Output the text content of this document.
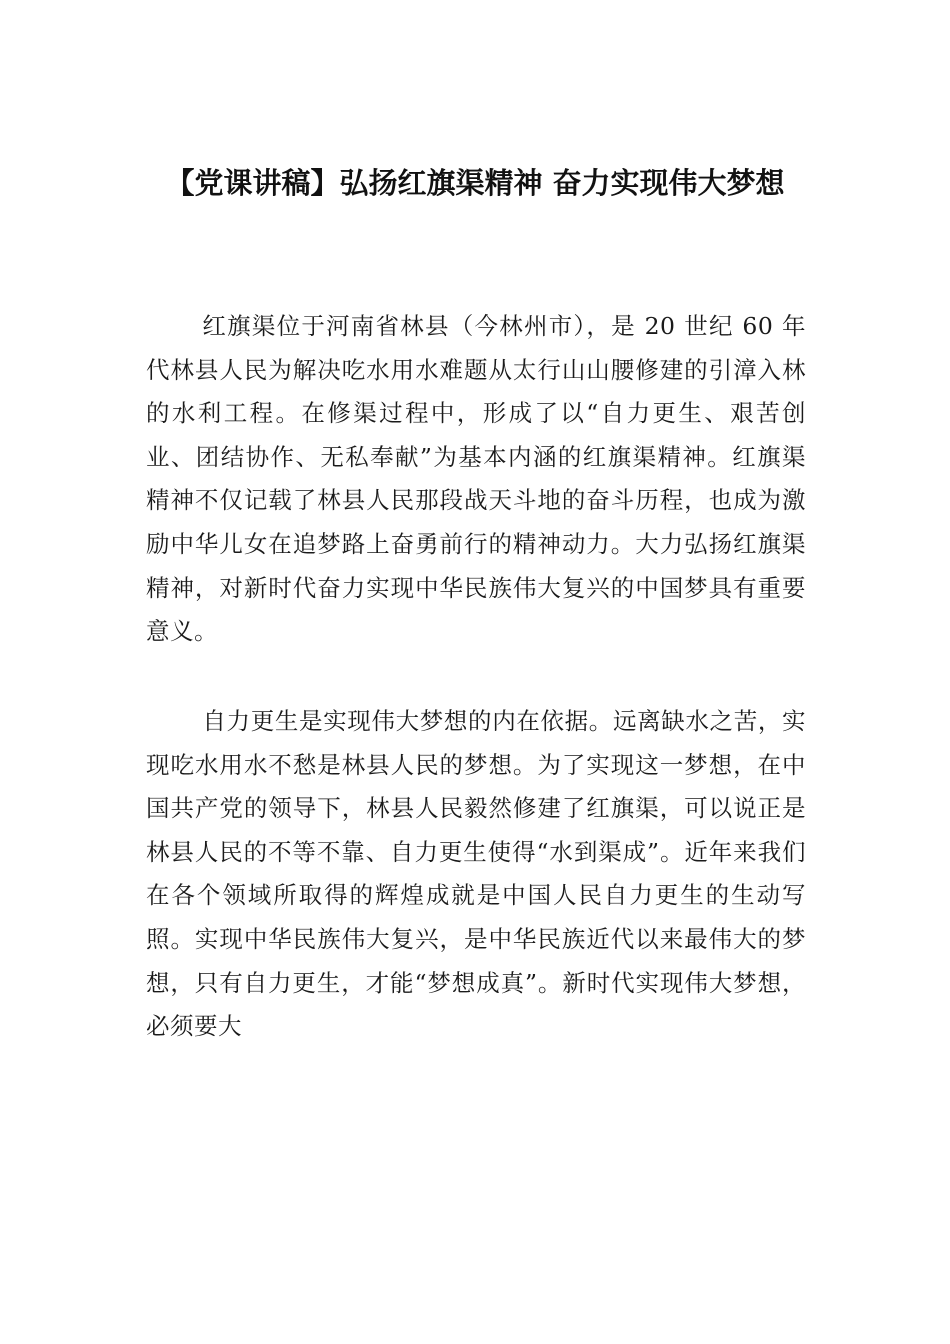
【党课讲稿】弘扬红旗渠精神 奋力实现伟大梦想

红旗渠位于河南省林县（今林州市），是 20 世纪 60 年代林县人民为解决吃水用水难题从太行山山腰修建的引漳入林的水利工程。在修渠过程中，形成了以“自力更生、艰苦创业、团结协作、无私奉献”为基本内涵的红旗渠精神。红旗渠精神不仅记载了林县人民那段战天斗地的奋斗历程，也成为激励中华儿女在追梦路上奋勇前行的精神动力。大力弘扬红旗渠精神，对新时代奋力实现中华民族伟大复兴的中国梦具有重要意义。

自力更生是实现伟大梦想的内在依据。远离缺水之苦，实现吃水用水不愁是林县人民的梦想。为了实现这一梦想，在中国共产党的领导下，林县人民毅然修建了红旗渠，可以说正是林县人民的不等不靠、自力更生使得“水到渠成”。近年来我们在各个领域所取得的辉煌成就是中国人民自力更生的生动写照。实现中华民族伟大复兴，是中华民族近代以来最伟大的梦想，只有自力更生，才能“梦想成真”。新时代实现伟大梦想，必须要大
